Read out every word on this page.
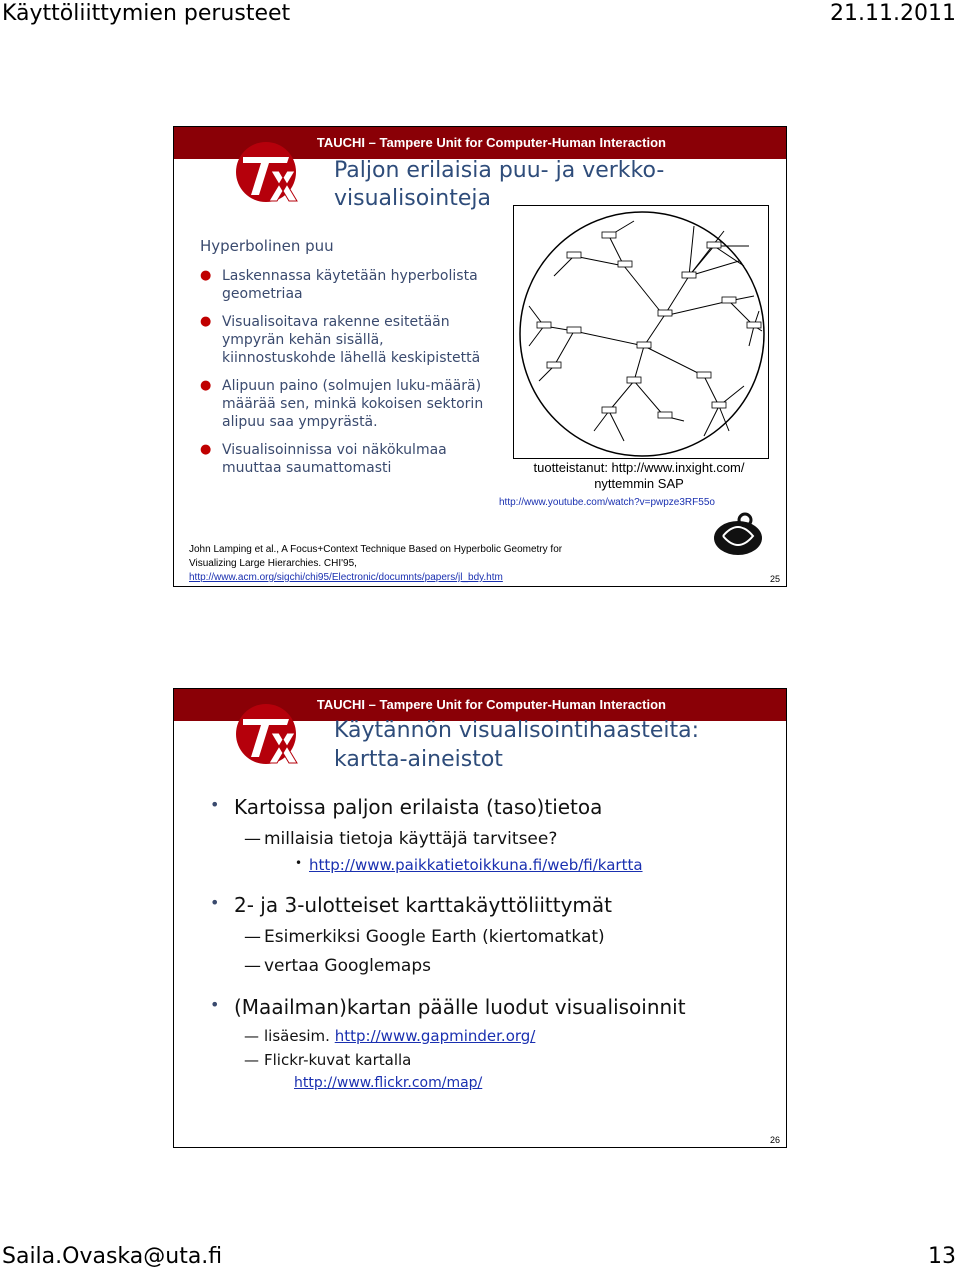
Käyttöliittymien perusteet	21.11.2011
TAUCHI – Tampere Unit for Computer-Human Interaction
Paljon erilaisia puu- ja verkko-
visualisointeja
Hyperbolinen puu
● Laskennassa käytetään hyperbolista geometriaa
● Visualisoitava rakenne esitetään ympyrän kehän sisällä, kiinnostuskohde lähellä keskipistettä
● Alipuun paino (solmujen luku-määrä) määrää sen, minkä kokoisen sektorin alipuu saa ympyrästä.
● Visualisoinnissa voi näkökulmaa muuttaa saumattomasti	tuotteistanut: http://www.inxight.com/
nyttemmin SAP
http://www.youtube.com/watch?v=pwpze3RF55o
John Lamping et al., A Focus+Context Technique Based on Hyperbolic Geometry for
Visualizing Large Hierarchies. CHI'95,
http://www.acm.org/sigchi/chi95/Electronic/documnts/papers/jl_bdy.htm	25
TAUCHI – Tampere Unit for Computer-Human Interaction
Käytännön visualisointihaasteita:
kartta-aineistot
• Kartoissa paljon erilaista (taso)tietoa
— millaisia tietoja käyttäjä tarvitsee?
• http://www.paikkatietoikkuna.fi/web/fi/kartta
• 2- ja 3-ulotteiset karttakäyttöliittymät
— Esimerkiksi Google Earth (kiertomatkat)
— vertaa Googlemaps
• (Maailman)kartan päälle luodut visualisoinnit
— lisäesim. http://www.gapminder.org/
— Flickr-kuvat kartalla
http://www.flickr.com/map/
26
Saila.Ovaska@uta.fi	13
